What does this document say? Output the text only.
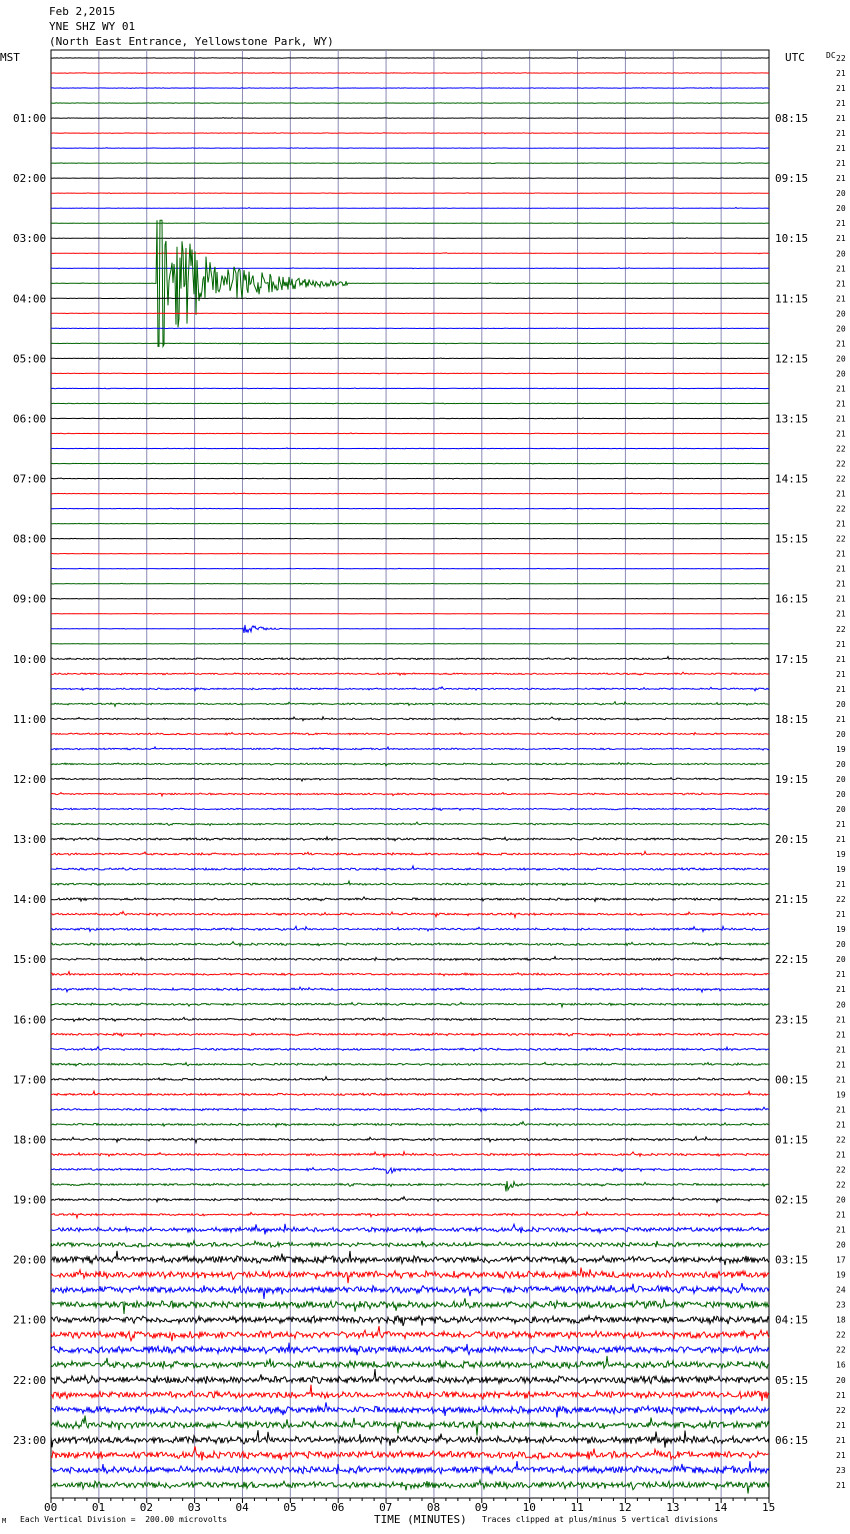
Feb 2,2015
YNE SHZ WY 01
(North East Entrance, Yellowstone Park, WY)
22
21
21
21
21
21
21
21
21
20
20
21
21
20
21
21
21
20
20
21
20
20
21
21
21
21
22
22
22
21
22
21
22
21
21
21
21
21
22
21
21
21
21
20
21
20
19
20
20
20
20
21
21
19
19
21
22
21
19
20
20
21
21
20
21
21
21
21
21
19
21
21
22
21
22
22
20
21
21
20
17
19
24
23
18
22
22
16
20
21
22
21
21
21
23
21
01:00
02:00
03:00
04:00
05:00
06:00
07:00
08:00
09:00
10:00
11:00
12:00
13:00
14:00
15:00
16:00
17:00
18:00
19:00
20:00
21:00
22:00
23:00
08:15
09:15
10:15
11:15
12:15
13:15
14:15
15:15
16:15
17:15
18:15
19:15
20:15
21:15
22:15
23:15
00:15
01:15
02:15
03:15
04:15
05:15
06:15
00	01	02	03	04	05	06	07	08	09	10	11	12	13	14	15
MST	UTC	DC
TIME (MINUTES)
M Each Vertical Division =  200.00 microvolts	Traces clipped at plus/minus 5 vertical divisions
